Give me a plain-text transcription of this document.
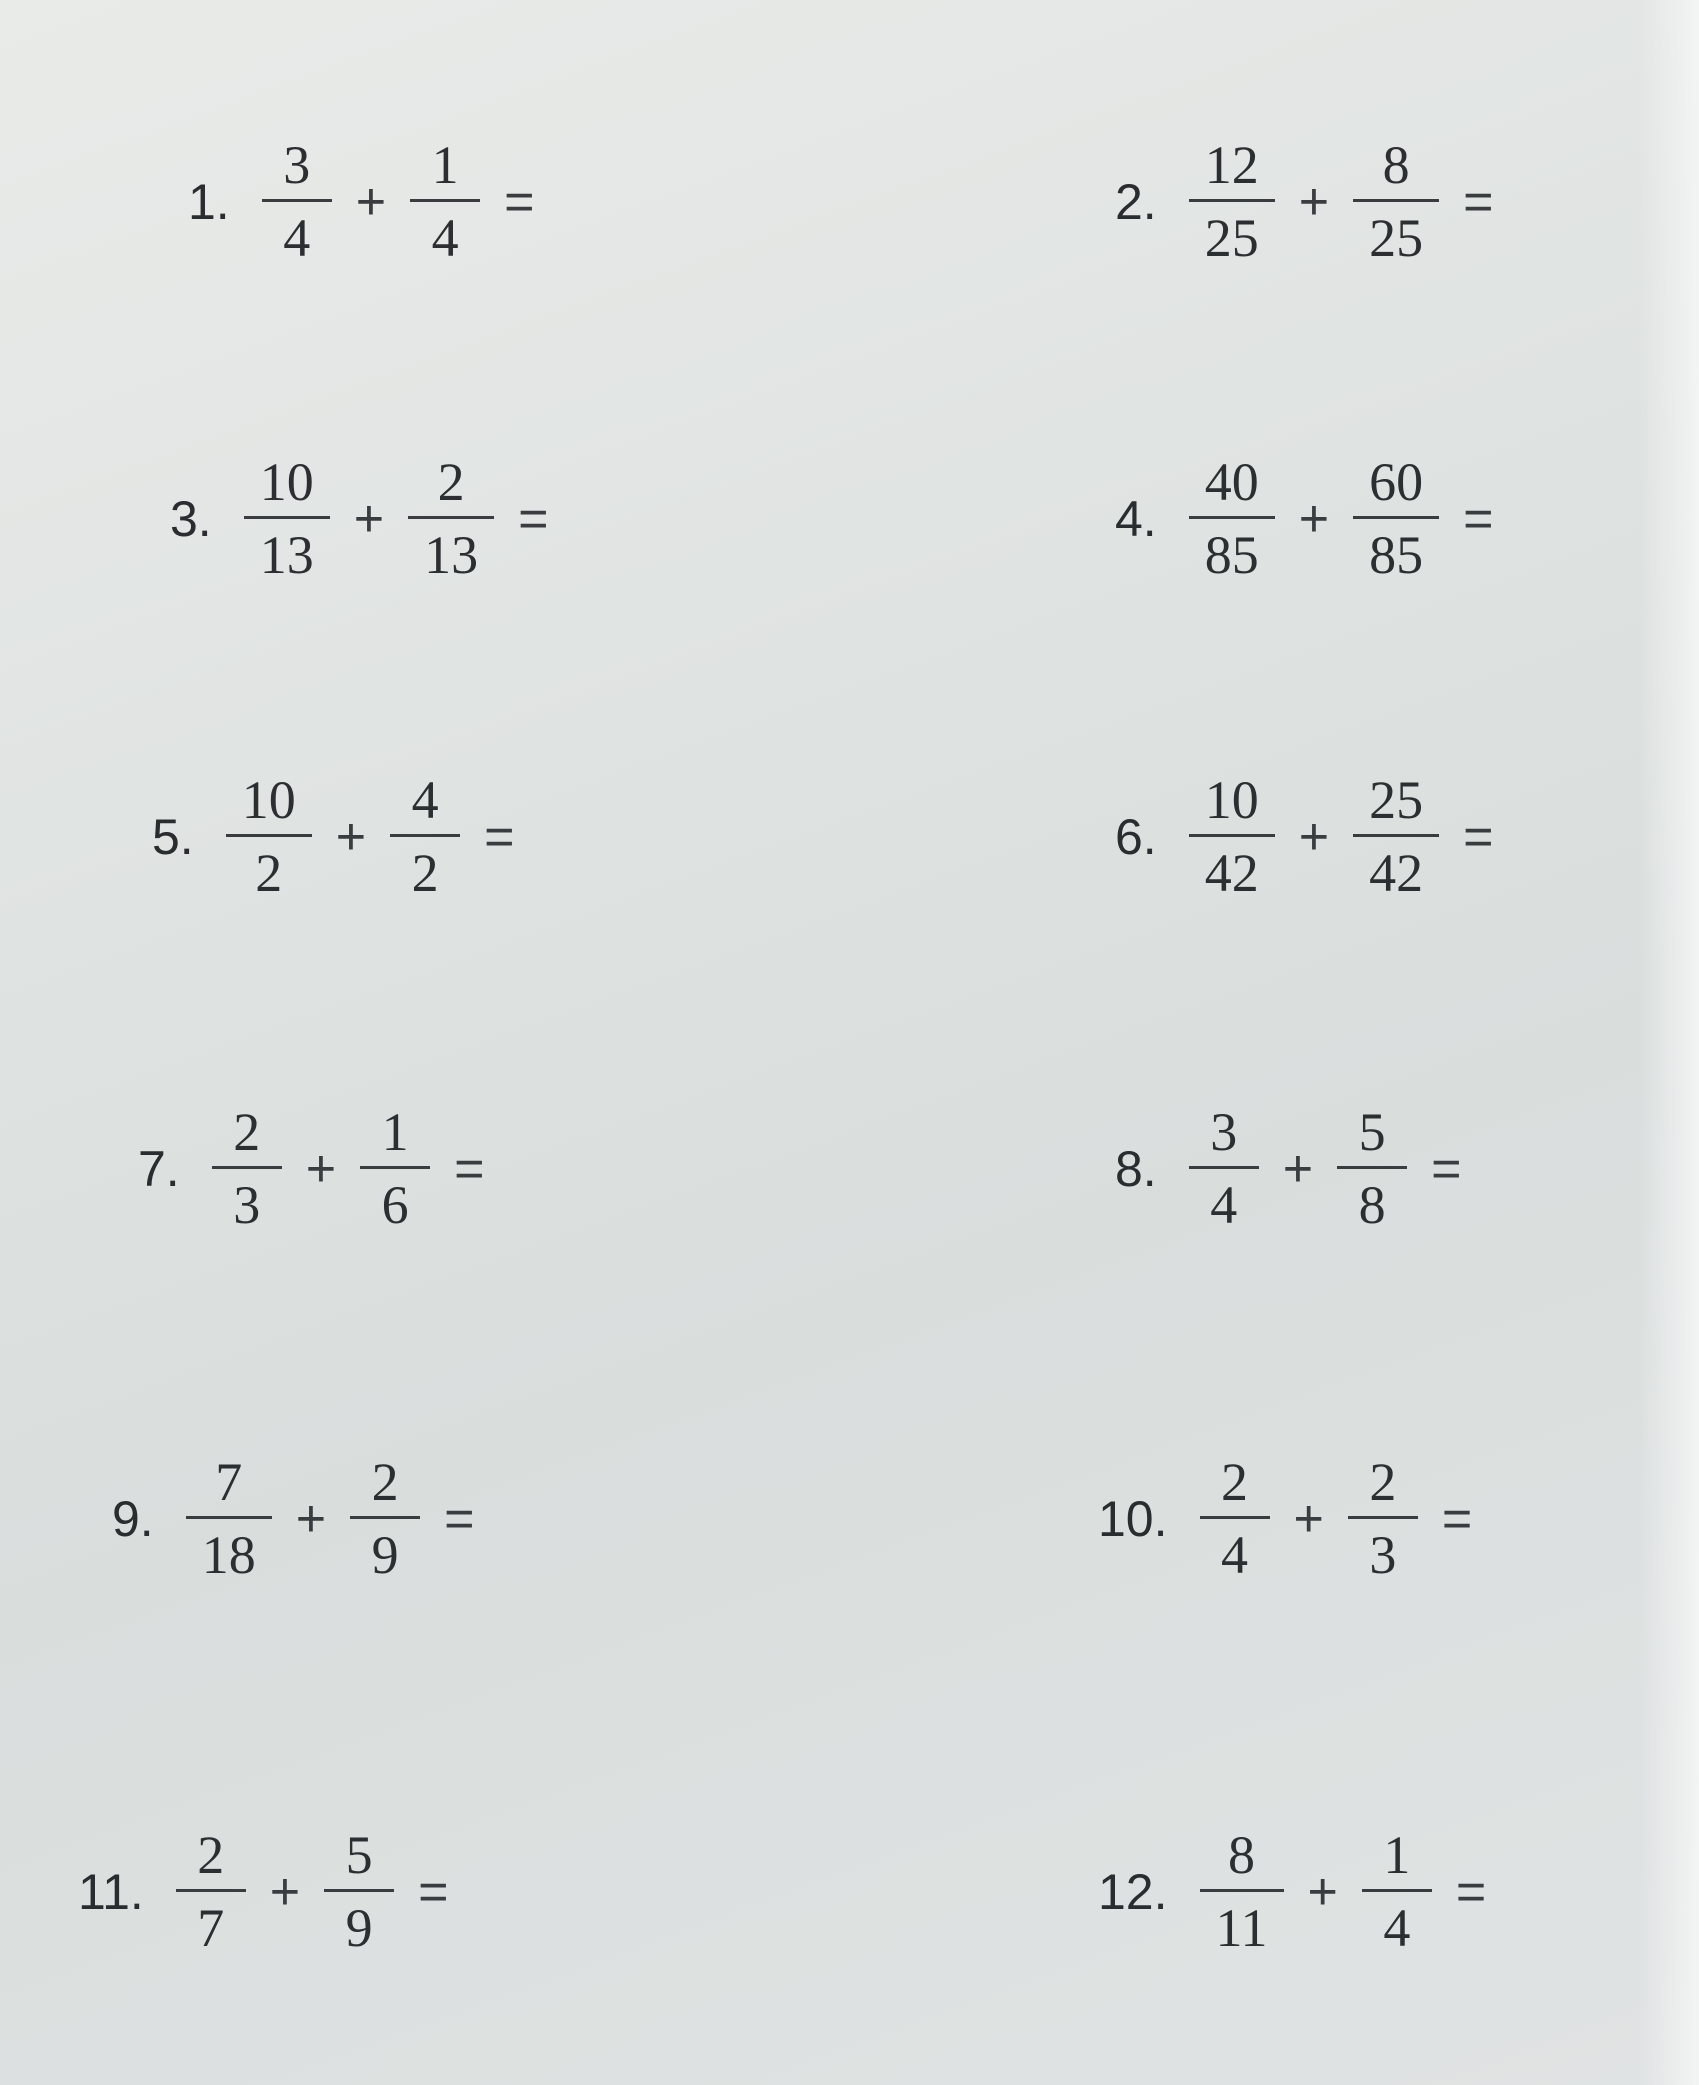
1. $\frac{3}{4} + \frac{1}{4}$ =	2. $\frac{12}{25} + \frac{8}{25}$ =
3. $\frac{10}{13} + \frac{2}{13}$ =	4. $\frac{40}{85} + \frac{60}{85}$ =
5. $\frac{10}{2} + \frac{4}{2}$ =	6. $\frac{10}{42} + \frac{25}{42}$ =
7. $\frac{2}{3} + \frac{1}{6}$ =	8. $\frac{3}{4} + \frac{5}{8}$ =
9. $\frac{7}{18} + \frac{2}{9}$ =	10. $\frac{2}{4} + \frac{2}{3}$ =
11. $\frac{2}{7} + \frac{5}{9}$ =	12. $\frac{8}{11} + \frac{1}{4}$ =
